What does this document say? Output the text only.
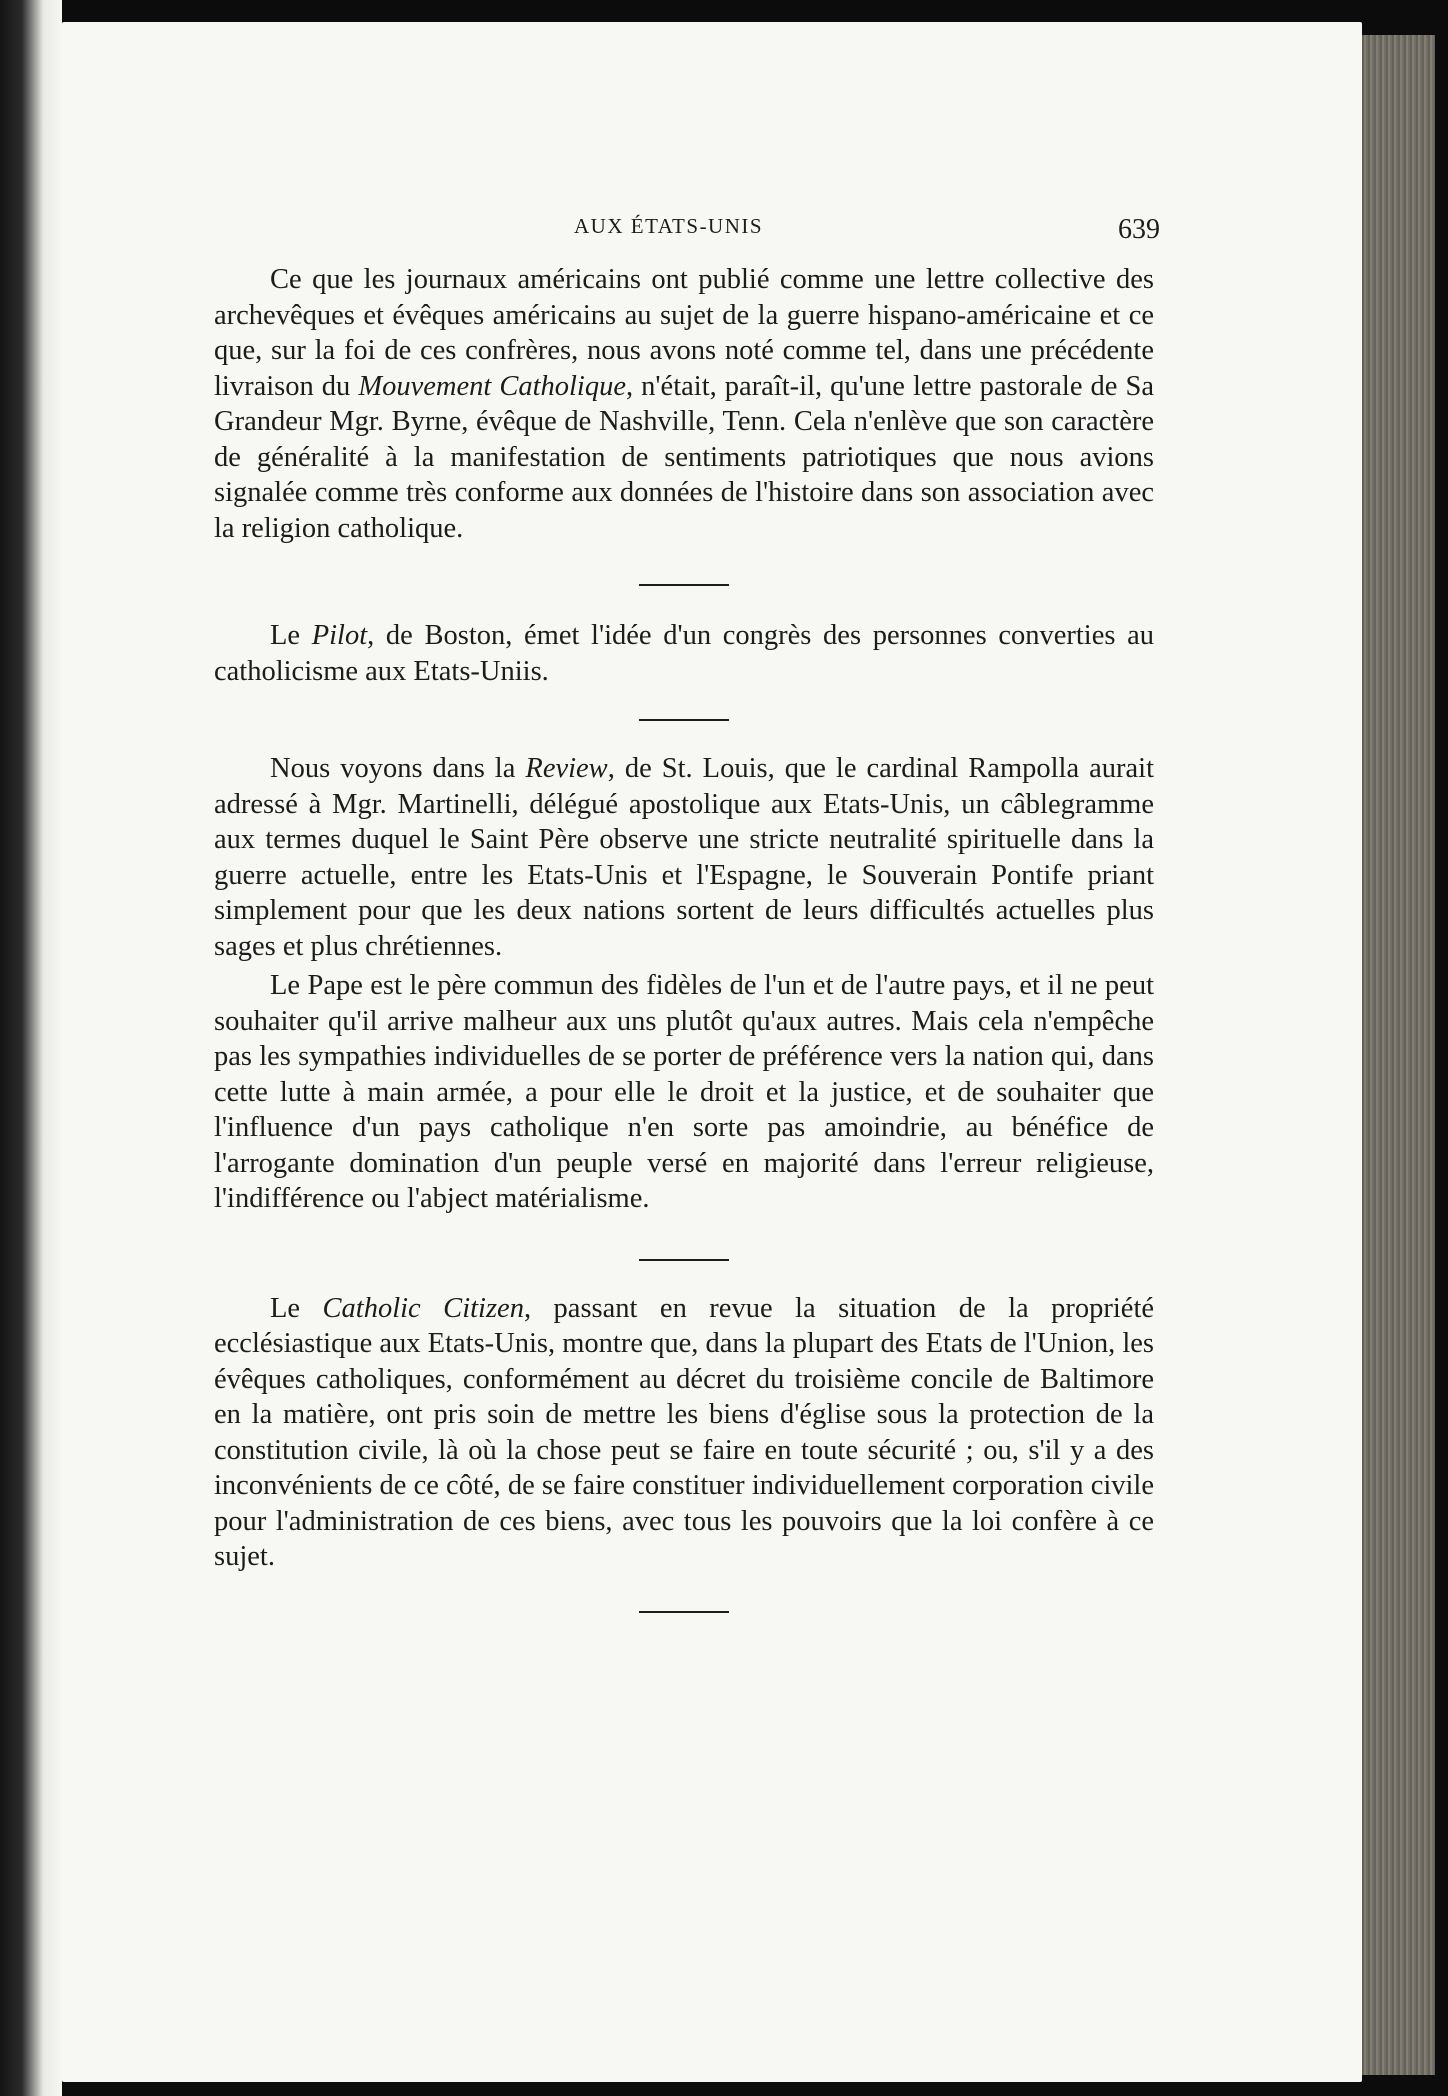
AUX ÉTATS-UNIS	639

Ce que les journaux américains ont publié comme une lettre collective des archevêques et évêques américains au sujet de la guerre hispano-américaine et ce que, sur la foi de ces confrères, nous avons noté comme tel, dans une précédente livraison du Mouvement Catholique, n'était, paraît-il, qu'une lettre pastorale de Sa Grandeur Mgr. Byrne, évêque de Nashville, Tenn. Cela n'enlève que son caractère de généralité à la manifestation de sentiments patriotiques que nous avions signalée comme très conforme aux données de l'histoire dans son association avec la religion catholique.

Le Pilot, de Boston, émet l'idée d'un congrès des personnes converties au catholicisme aux Etats-Uniis.

Nous voyons dans la Review, de St. Louis, que le cardinal Rampolla aurait adressé à Mgr. Martinelli, délégué apostolique aux Etats-Unis, un câblegramme aux termes duquel le Saint Père observe une stricte neutralité spirituelle dans la guerre actuelle, entre les Etats-Unis et l'Espagne, le Souverain Pontife priant simplement pour que les deux nations sortent de leurs difficultés actuelles plus sages et plus chrétiennes.

Le Pape est le père commun des fidèles de l'un et de l'autre pays, et il ne peut souhaiter qu'il arrive malheur aux uns plutôt qu'aux autres. Mais cela n'empêche pas les sympathies individuelles de se porter de préférence vers la nation qui, dans cette lutte à main armée, a pour elle le droit et la justice, et de souhaiter que l'influence d'un pays catholique n'en sorte pas amoindrie, au bénéfice de l'arrogante domination d'un peuple versé en majorité dans l'erreur religieuse, l'indifférence ou l'abject matérialisme.

Le Catholic Citizen, passant en revue la situation de la propriété ecclésiastique aux Etats-Unis, montre que, dans la plupart des Etats de l'Union, les évêques catholiques, conformément au décret du troisième concile de Baltimore en la matière, ont pris soin de mettre les biens d'église sous la protection de la constitution civile, là où la chose peut se faire en toute sécurité ; ou, s'il y a des inconvénients de ce côté, de se faire constituer individuellement corporation civile pour l'administration de ces biens, avec tous les pouvoirs que la loi confère à ce sujet.
